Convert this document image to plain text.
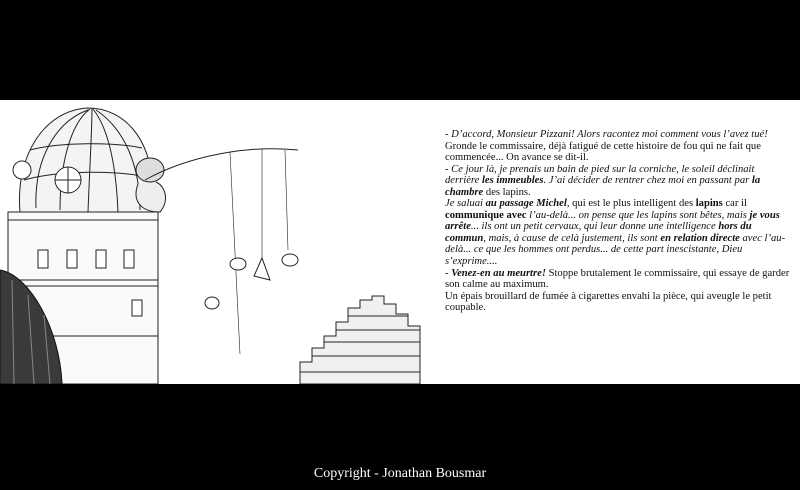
- D’accord, Monsieur Pizzani! Alors racontez moi comment vous l’avez tué! Gronde le commissaire, déjà fatigué de cette histoire de fou qui ne fait que commencée... On avance se dit-il.

- Ce jour là, je prenais un bain de pied sur la corniche, le soleil déclinait derrière les immeubles. J’ai décider de rentrer chez moi en passant par la chambre des lapins.

Je saluai au passage Michel, qui est le plus intelligent des lapins car il communique avec l’au-delà... on pense que les lapins sont bêtes, mais je vous arrête... ils ont un petit cervaux, qui leur donne une intelligence hors du commun, mais, à cause de celà justement, ils sont en relation directe avec l’au-delà... ce que les hommes ont perdus... de cette part inescistante, Dieu s’exprime....

- Venez-en au meurtre! Stoppe brutalement le commissaire, qui essaye de garder son calme au maximum.

Un épais brouillard de fumée à cigarettes envahi la pièce, qui aveugle le petit coupable.

Copyright - Jonathan Bousmar
